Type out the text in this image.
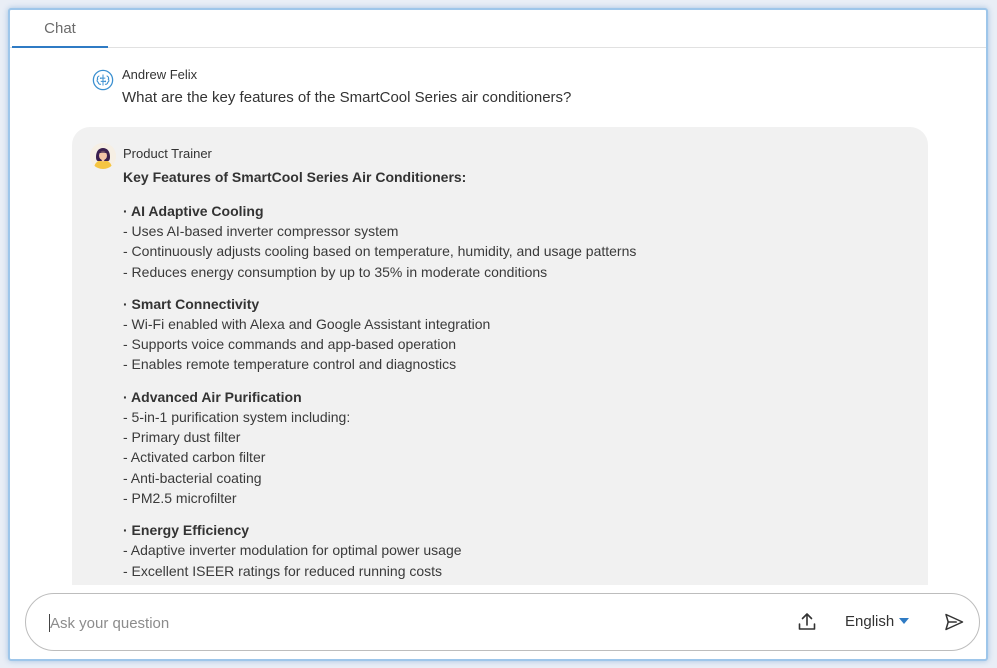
Chat
Andrew Felix
What are the key features of the SmartCool Series air conditioners?
Product Trainer
Key Features of SmartCool Series Air Conditioners:
· AI Adaptive Cooling
- Uses AI-based inverter compressor system
- Continuously adjusts cooling based on temperature, humidity, and usage patterns
- Reduces energy consumption by up to 35% in moderate conditions
· Smart Connectivity
- Wi-Fi enabled with Alexa and Google Assistant integration
- Supports voice commands and app-based operation
- Enables remote temperature control and diagnostics
· Advanced Air Purification
- 5-in-1 purification system including:
- Primary dust filter
- Activated carbon filter
- Anti-bacterial coating
- PM2.5 microfilter
· Energy Efficiency
- Adaptive inverter modulation for optimal power usage
- Excellent ISEER ratings for reduced running costs
Ask your question
English
